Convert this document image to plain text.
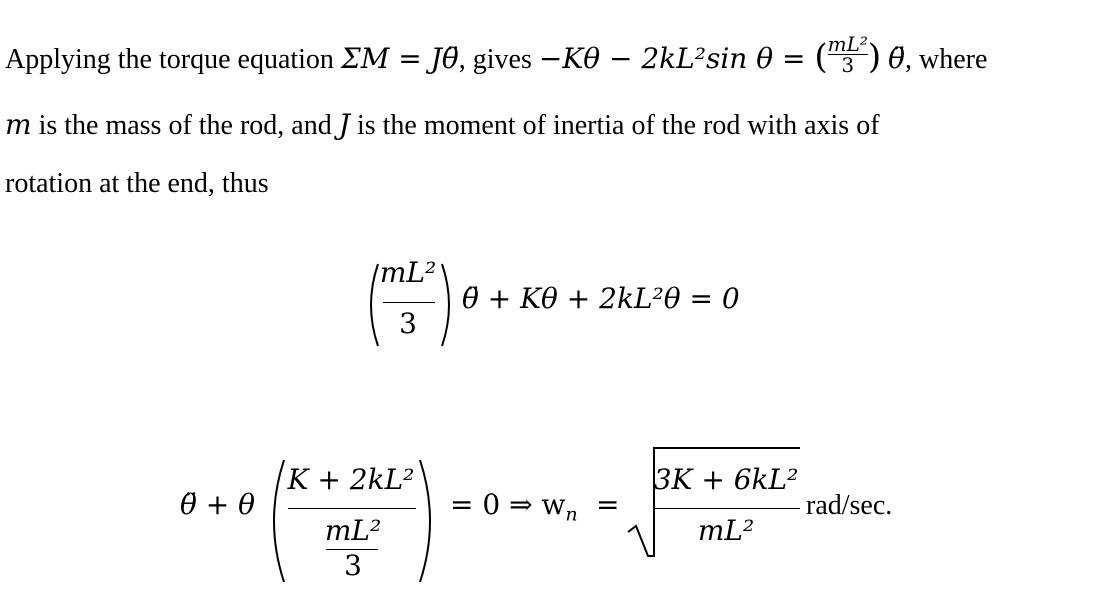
Applying the torque equation ΣM = Jθ̈, gives −Kθ − 2kL²sin θ = ( $\frac{\text{mL²}}{3}$ ) θ̈, where
m is the mass of the rod, and J is the moment of inertia of the rod with axis of
rotation at the end, thus
mL²
3
θ̈ + Kθ + 2kL²θ = 0
θ̈ + θ
K + 2kL²
mL²
3
= 0 ⇒ $w_n$ =
3K + 6kL²
mL²
rad/sec.
